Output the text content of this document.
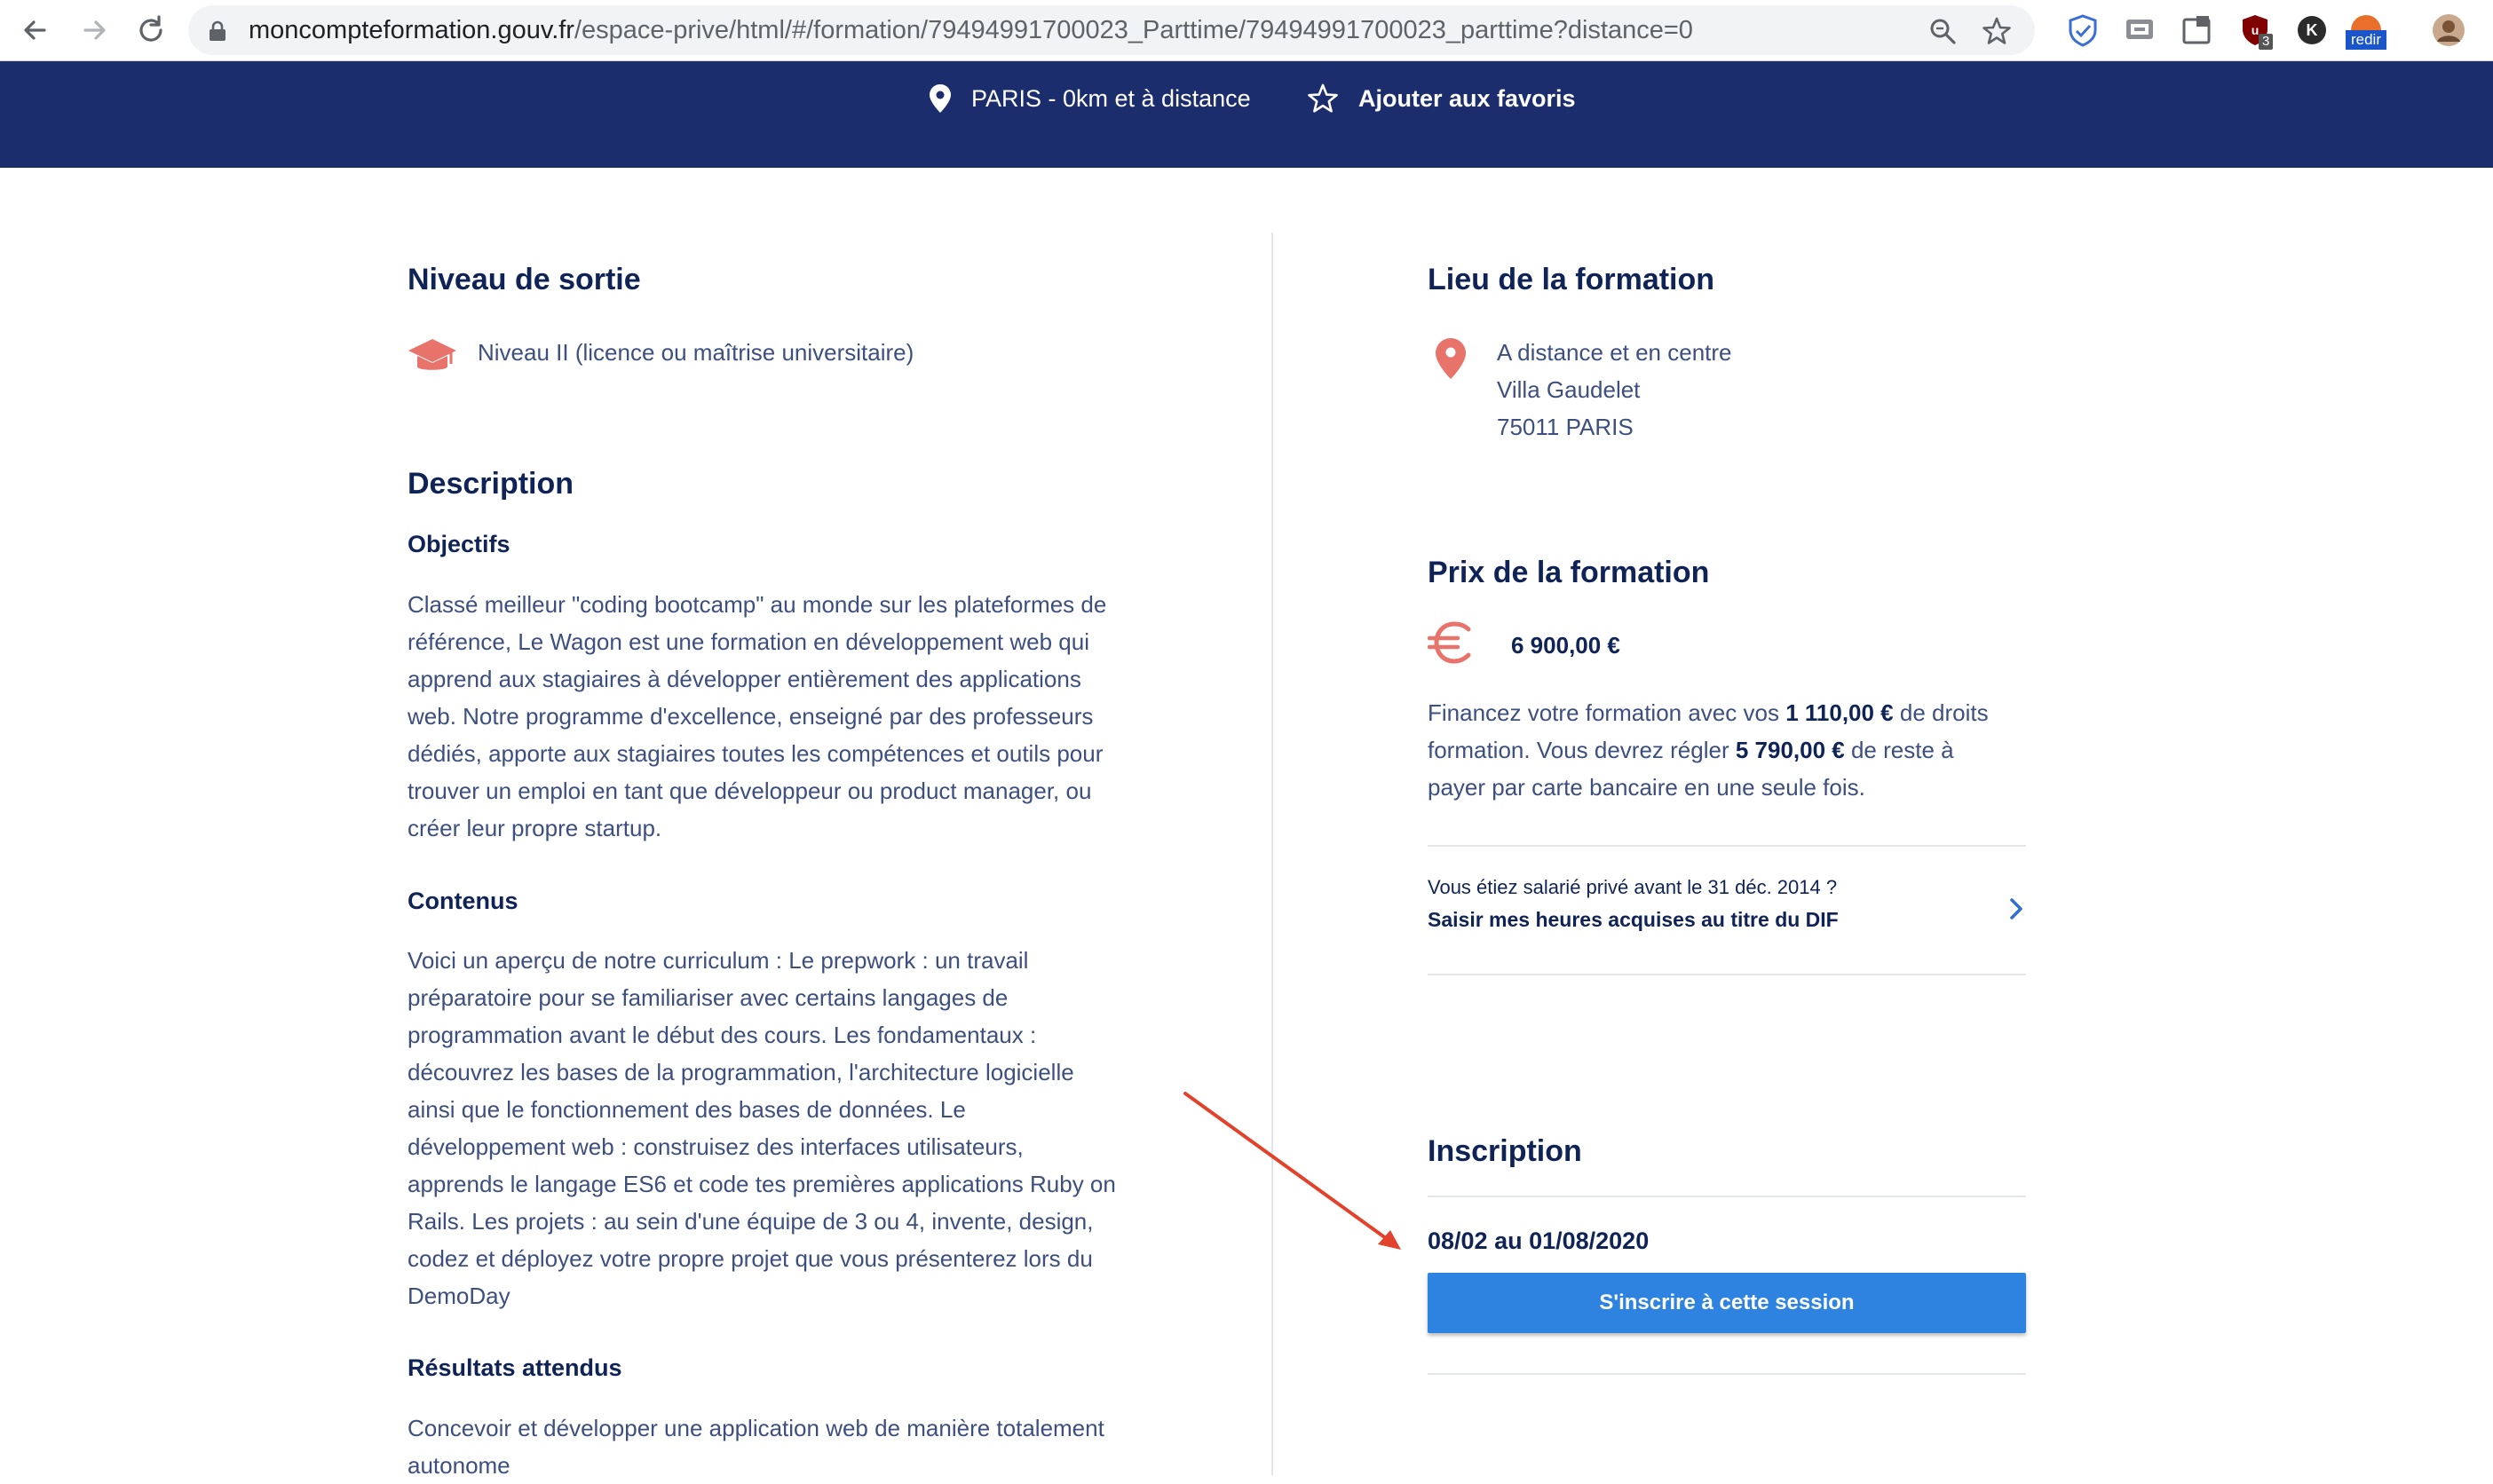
moncompteformation.gouv.fr/espace-prive/html/#/formation/79494991700023_Parttime/79494991700023_parttime?distance=0	u
3
K
redir
PARIS - 0km et à distance	Ajouter aux favoris
Niveau de sortie
Niveau II (licence ou maîtrise universitaire)
Description
Objectifs
Classé meilleur "coding bootcamp" au monde sur les plateformes de
référence, Le Wagon est une formation en développement web qui
apprend aux stagiaires à développer entièrement des applications
web. Notre programme d'excellence, enseigné par des professeurs
dédiés, apporte aux stagiaires toutes les compétences et outils pour
trouver un emploi en tant que développeur ou product manager, ou
créer leur propre startup.
Contenus
Voici un aperçu de notre curriculum : Le prepwork : un travail
préparatoire pour se familiariser avec certains langages de
programmation avant le début des cours. Les fondamentaux :
découvrez les bases de la programmation, l'architecture logicielle
ainsi que le fonctionnement des bases de données. Le
développement web : construisez des interfaces utilisateurs,
apprends le langage ES6 et code tes premières applications Ruby on
Rails. Les projets : au sein d'une équipe de 3 ou 4, invente, design,
codez et déployez votre propre projet que vous présenterez lors du
DemoDay
Résultats attendus
Concevoir et développer une application web de manière totalement
autonome
Lieu de la formation
A distance et en centre
Villa Gaudelet
75011 PARIS
Prix de la formation
6 900,00 €
Financez votre formation avec vos 1 110,00 € de droits
formation. Vous devrez régler 5 790,00 € de reste à
payer par carte bancaire en une seule fois.
Vous étiez salarié privé avant le 31 déc. 2014 ?
Saisir mes heures acquises au titre du DIF
Inscription
08/02 au 01/08/2020
S'inscrire à cette session
